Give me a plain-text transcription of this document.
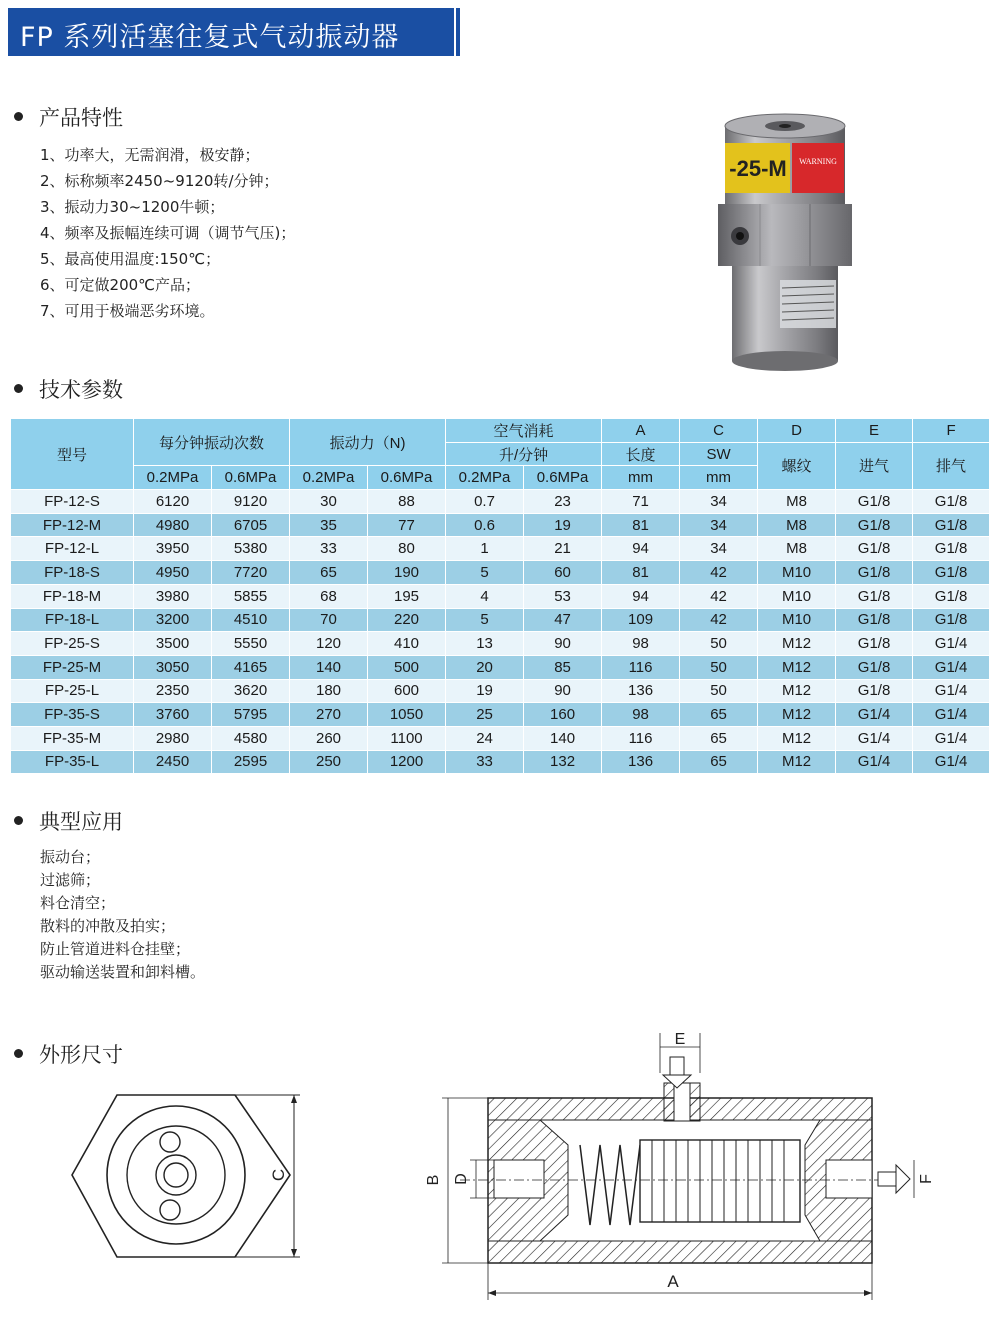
FP 系列活塞往复式气动振动器
产品特性
1、功率大，无需润滑，极安静；
2、标称频率2450~9120转/分钟；
3、振动力30~1200牛顿；
4、频率及振幅连续可调（调节气压)；
5、最高使用温度:150℃；
6、可定做200℃产品；
7、可用于极端恶劣环境。
-25-M WARNING
技术参数
型号	每分钟振动次数		振动力（N)		空气消耗		A	C	D	E	F
					升/分钟		长度	SW	螺纹	进气	排气
	0.2MPa	0.6MPa	0.2MPa	0.6MPa	0.2MPa	0.6MPa	mm	mm			
FP-12-S	6120	9120	30	88	0.7	23	71	34	M8	G1/8	G1/8
FP-12-M	4980	6705	35	77	0.6	19	81	34	M8	G1/8	G1/8
FP-12-L	3950	5380	33	80	1	21	94	34	M8	G1/8	G1/8
FP-18-S	4950	7720	65	190	5	60	81	42	M10	G1/8	G1/8
FP-18-M	3980	5855	68	195	4	53	94	42	M10	G1/8	G1/8
FP-18-L	3200	4510	70	220	5	47	109	42	M10	G1/8	G1/8
FP-25-S	3500	5550	120	410	13	90	98	50	M12	G1/8	G1/4
FP-25-M	3050	4165	140	500	20	85	116	50	M12	G1/8	G1/4
FP-25-L	2350	3620	180	600	19	90	136	50	M12	G1/8	G1/4
FP-35-S	3760	5795	270	1050	25	160	98	65	M12	G1/4	G1/4
FP-35-M	2980	4580	260	1100	24	140	116	65	M12	G1/4	G1/4
FP-35-L	2450	2595	250	1200	33	132	136	65	M12	G1/4	G1/4
典型应用
振动台；
过滤筛；
料仓清空；
散料的冲散及拍实；
防止管道进料仓挂壁；
驱动输送装置和卸料槽。
外形尺寸
C
E
F
B D
A
